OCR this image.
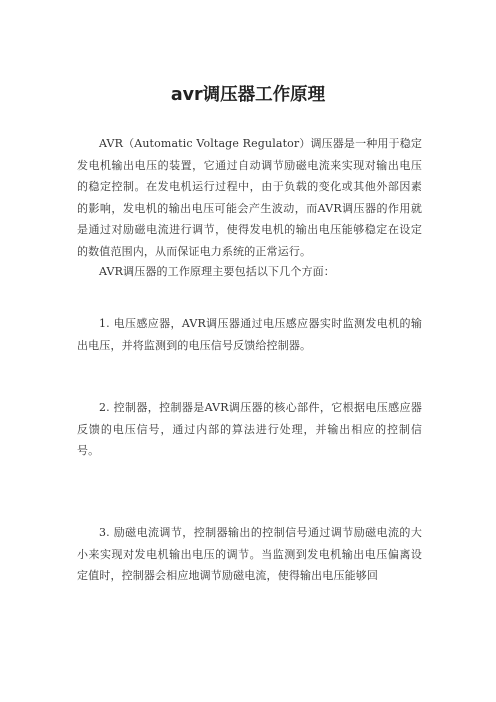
avr调压器工作原理

AVR（Automatic Voltage Regulator）调压器是一种用于稳定发电机输出电压的装置，它通过自动调节励磁电流来实现对输出电压的稳定控制。在发电机运行过程中，由于负载的变化或其他外部因素的影响，发电机的输出电压可能会产生波动，而AVR调压器的作用就是通过对励磁电流进行调节，使得发电机的输出电压能够稳定在设定的数值范围内，从而保证电力系统的正常运行。

AVR调压器的工作原理主要包括以下几个方面：

1. 电压感应器，AVR调压器通过电压感应器实时监测发电机的输出电压，并将监测到的电压信号反馈给控制器。

2. 控制器，控制器是AVR调压器的核心部件，它根据电压感应器反馈的电压信号，通过内部的算法进行处理，并输出相应的控制信号。

3. 励磁电流调节，控制器输出的控制信号通过调节励磁电流的大小来实现对发电机输出电压的调节。当监测到发电机输出电压偏离设定值时，控制器会相应地调节励磁电流，使得输出电压能够回
